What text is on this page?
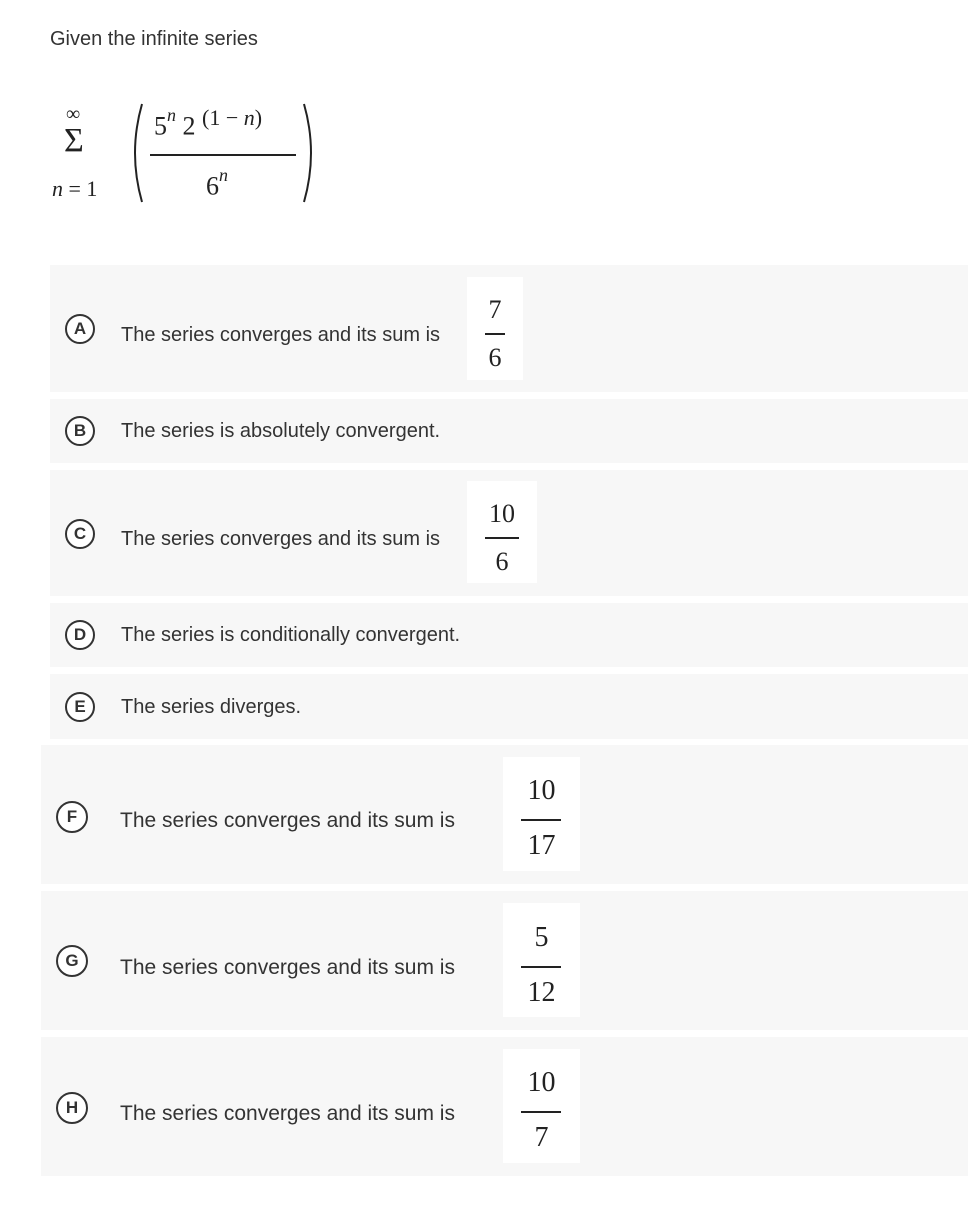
Given the infinite series
∞
Σ
n = 1
5$^n$ 2 $^{(1 - n)}$
6$^n$
A	The series converges and its sum is
7
6
B	The series is absolutely convergent.
C	The series converges and its sum is
10
6
D	The series is conditionally convergent.
E	The series diverges.
F	The series converges and its sum is
10
17
G	The series converges and its sum is
5
12
H	The series converges and its sum is
10
7
